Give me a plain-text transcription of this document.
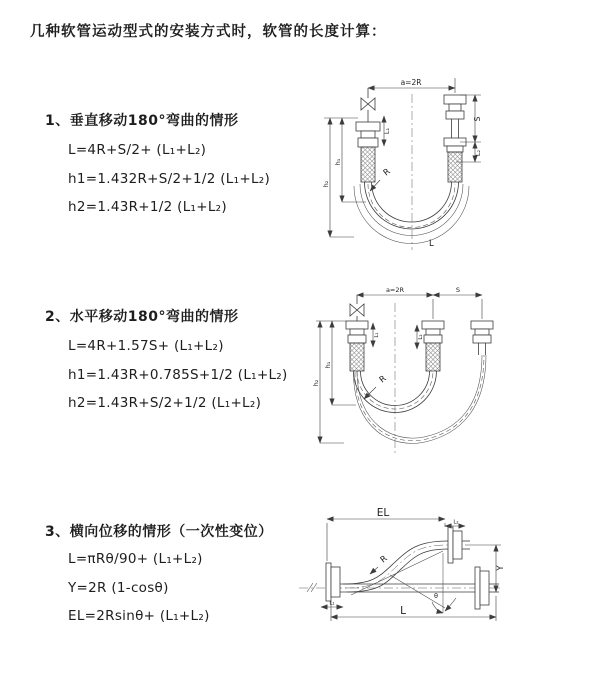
几种软管运动型式的安装方式时，软管的长度计算：
1、垂直移动180°弯曲的情形
L=4R+S/2+ (L₁+L₂)
h1=1.432R+S/2+1/2 (L₁+L₂)
h2=1.43R+1/2 (L₁+L₂)
2、水平移动180°弯曲的情形
L=4R+1.57S+ (L₁+L₂)
h1=1.43R+0.785S+1/2 (L₁+L₂)
h2=1.43R+S/2+1/2 (L₁+L₂)
3、横向位移的情形（一次性变位）
L=πRθ/90+ (L₁+L₂)
Y=2R (1-cosθ)
EL=2Rsinθ+ (L₁+L₂)
a=2R
L₁
S
L₂
h₁
h₂
R
L
a=2R	S
L₁	L₂
h₁
h₂	R
EL
L₂
Y
L
L₁
θ
R
